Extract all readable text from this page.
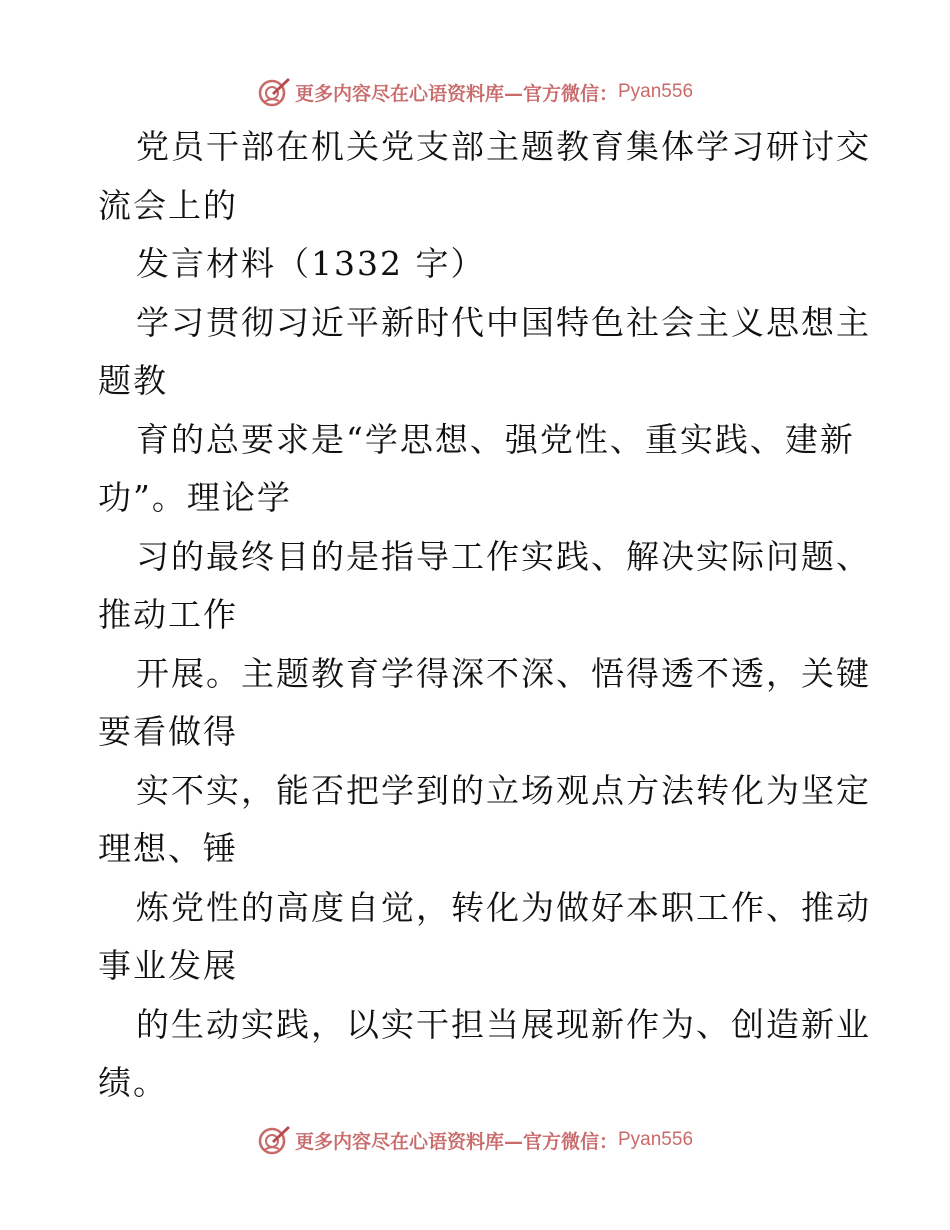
更多内容尽在心语资料库—官方微信： Pyan556
党员干部在机关党支部主题教育集体学习研讨交
流会上的
发言材料（1332 字）
学习贯彻习近平新时代中国特色社会主义思想主
题教
育的总要求是“学思想、强党性、重实践、建新
功”。理论学
习的最终目的是指导工作实践、解决实际问题、
推动工作
开展。主题教育学得深不深、悟得透不透，关键
要看做得
实不实，能否把学到的立场观点方法转化为坚定
理想、锤
炼党性的高度自觉，转化为做好本职工作、推动
事业发展
的生动实践，以实干担当展现新作为、创造新业
绩。
更多内容尽在心语资料库—官方微信： Pyan556
